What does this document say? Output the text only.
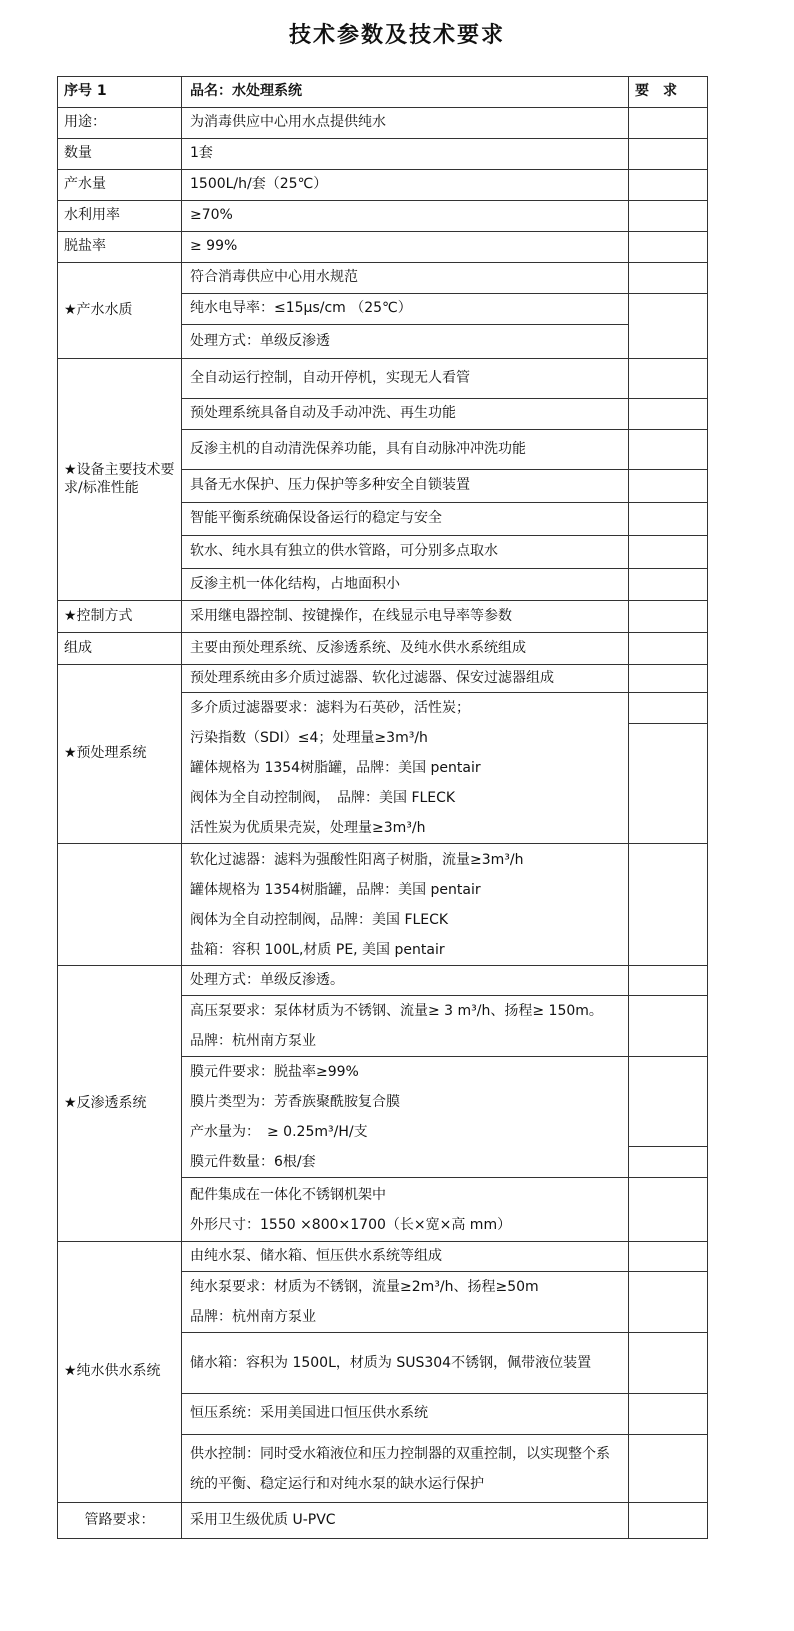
技术参数及技术要求
序号 1	品名：水处理系统	要　求
用途：	为消毒供应中心用水点提供纯水	
数量	1套	
产水量	1500L/h/套（25℃）	
水利用率	≥70%	
脱盐率	≥ 99%	
★产水水质	符合消毒供应中心用水规范	
	纯水电导率：≤15μs/cm （25℃）	
	处理方式：单级反渗透	
★设备主要技术要求/标准性能	全自动运行控制，自动开停机，实现无人看管	
	预处理系统具备自动及手动冲洗、再生功能	
	反渗主机的自动清洗保养功能，具有自动脉冲冲洗功能	
	具备无水保护、压力保护等多种安全自锁装置	
	智能平衡系统确保设备运行的稳定与安全	
	软水、纯水具有独立的供水管路，可分别多点取水	
	反渗主机一体化结构，占地面积小	
★控制方式	采用继电器控制、按键操作，在线显示电导率等参数	
组成	主要由预处理系统、反渗透系统、及纯水供水系统组成	
★预处理系统	预处理系统由多介质过滤器、软化过滤器、保安过滤器组成	

	多介质过滤器要求：滤料为石英砂，活性炭；
污染指数（SDI）≤4；处理量≥3m³/h
罐体规格为 1354树脂罐，品牌：美国 pentair
阀体为全自动控制阀，　品牌：美国 FLECK
活性炭为优质果壳炭，处理量≥3m³/h	

	软化过滤器：滤料为强酸性阳离子树脂，流量≥3m³/h
罐体规格为 1354树脂罐，品牌：美国 pentair
阀体为全自动控制阀，品牌：美国 FLECK
盐箱：容积 100L,材质 PE, 美国 pentair	

★反渗透系统	处理方式：单级反渗透。	

	高压泵要求：泵体材质为不锈钢、流量≥ 3 m³/h、扬程≥ 150m。
品牌：杭州南方泵业	

	膜元件要求：脱盐率≥99%
膜片类型为：芳香族聚酰胺复合膜
产水量为：　≥ 0.25m³/H/支
膜元件数量：6根/套	

	配件集成在一体化不锈钢机架中
外形尺寸：1550 ×800×1700（长×宽×高 mm）	

★纯水供水系统	由纯水泵、储水箱、恒压供水系统等组成	

	纯水泵要求：材质为不锈钢，流量≥2m³/h、扬程≥50m
品牌：杭州南方泵业	

	储水箱：容积为 1500L，材质为 SUS304不锈钢，佩带液位装置	
	恒压系统：采用美国进口恒压供水系统	
	供水控制：同时受水箱液位和压力控制器的双重控制，以实现整个系统的平衡、稳定运行和对纯水泵的缺水运行保护	
管路要求：	采用卫生级优质 U-PVC	
